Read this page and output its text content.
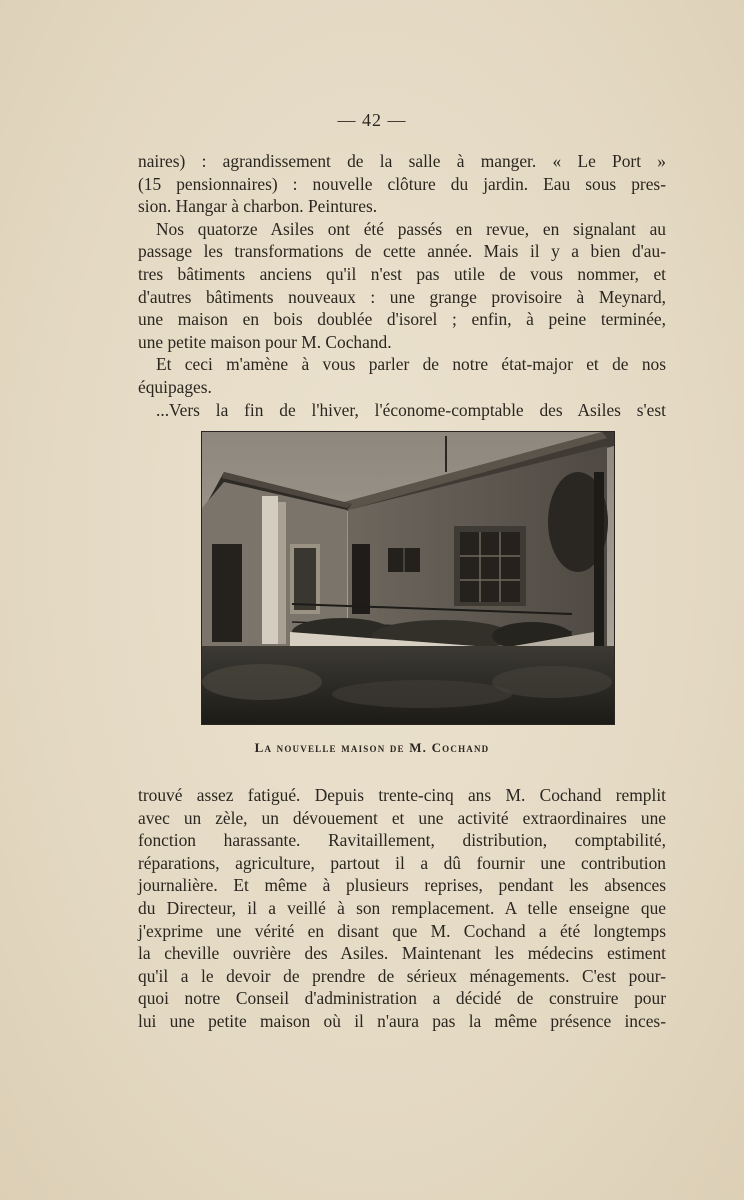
— 42 —

naires) : agrandissement de la salle à manger. « Le Port »

(15 pensionnaires) : nouvelle clôture du jardin. Eau sous pres-

sion. Hangar à charbon. Peintures.

Nos quatorze Asiles ont été passés en revue, en signalant au

passage les transformations de cette année. Mais il y a bien d'au-

tres bâtiments anciens qu'il n'est pas utile de vous nommer, et

d'autres bâtiments nouveaux : une grange provisoire à Meynard,

une maison en bois doublée d'isorel ; enfin, à peine terminée,

une petite maison pour M. Cochand.

Et ceci m'amène à vous parler de notre état-major et de nos

équipages.

...Vers la fin de l'hiver, l'économe-comptable des Asiles s'est

La nouvelle maison de M. Cochand

trouvé assez fatigué. Depuis trente-cinq ans M. Cochand remplit

avec un zèle, un dévouement et une activité extraordinaires une

fonction harassante. Ravitaillement, distribution, comptabilité,

réparations, agriculture, partout il a dû fournir une contribution

journalière. Et même à plusieurs reprises, pendant les absences

du Directeur, il a veillé à son remplacement. A telle enseigne que

j'exprime une vérité en disant que M. Cochand a été longtemps

la cheville ouvrière des Asiles. Maintenant les médecins estiment

qu'il a le devoir de prendre de sérieux ménagements. C'est pour-

quoi notre Conseil d'administration a décidé de construire pour

lui une petite maison où il n'aura pas la même présence inces-
